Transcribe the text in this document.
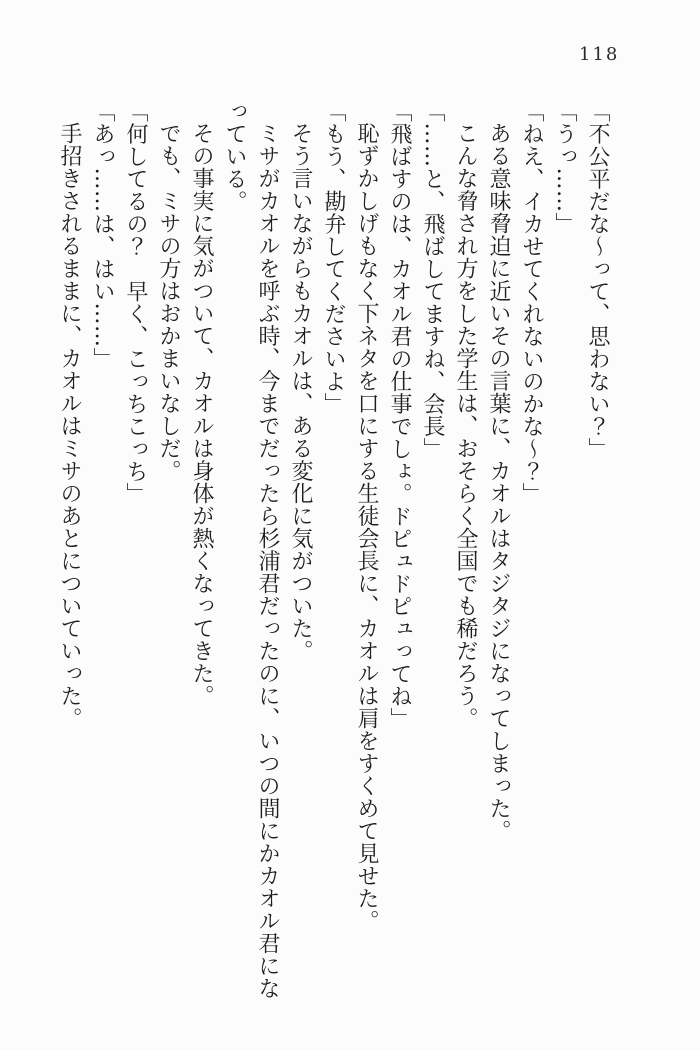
118
「不公平だな〜って、思わない？」
「うっ……」
「ねえ、イカせてくれないのかな〜？」
ある意味脅迫に近いその言葉に、カオルはタジタジになってしまった。
こんな脅され方をした学生は、おそらく全国でも稀だろう。
「……と、飛ばしてますね、会長」
「飛ばすのは、カオル君の仕事でしょ。ドピュドピュってね」
恥ずかしげもなく下ネタを口にする生徒会長に、カオルは肩をすくめて見せた。
「もう、勘弁してくださいよ」
そう言いながらもカオルは、ある変化に気がついた。
ミサがカオルを呼ぶ時、今までだったら杉浦君だったのに、いつの間にかカオル君にな
っている。
その事実に気がついて、カオルは身体が熱くなってきた。
でも、ミサの方はおかまいなしだ。
「何してるの？　早く、こっちこっち」
「あっ……は、はい……」
手招きされるままに、カオルはミサのあとについていった。
